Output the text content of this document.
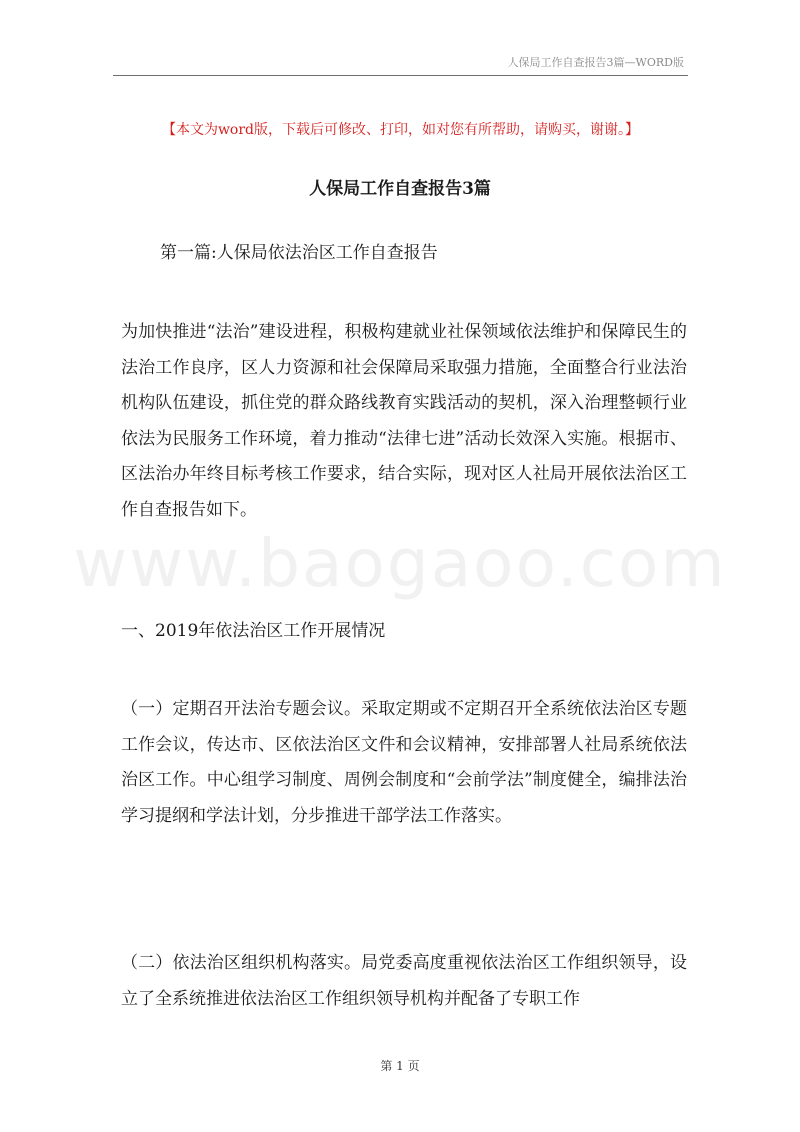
人保局工作自查报告3篇—WORD版
【本文为word版，下载后可修改、打印，如对您有所帮助，请购买，谢谢。】
人保局工作自查报告3篇
第一篇:人保局依法治区工作自查报告
为加快推进“法治”建设进程，积极构建就业社保领域依法维护和保障民生的法治工作良序，区人力资源和社会保障局采取强力措施，全面整合行业法治机构队伍建设，抓住党的群众路线教育实践活动的契机，深入治理整顿行业依法为民服务工作环境，着力推动“法律七进”活动长效深入实施。根据市、区法治办年终目标考核工作要求，结合实际，现对区人社局开展依法治区工作自查报告如下。
www.baogaoo.com
一、2019年依法治区工作开展情况
（一）定期召开法治专题会议。采取定期或不定期召开全系统依法治区专题工作会议，传达市、区依法治区文件和会议精神，安排部署人社局系统依法治区工作。中心组学习制度、周例会制度和“会前学法”制度健全，编排法治学习提纲和学法计划，分步推进干部学法工作落实。
（二）依法治区组织机构落实。局党委高度重视依法治区工作组织领导，设立了全系统推进依法治区工作组织领导机构并配备了专职工作
第 1 页
